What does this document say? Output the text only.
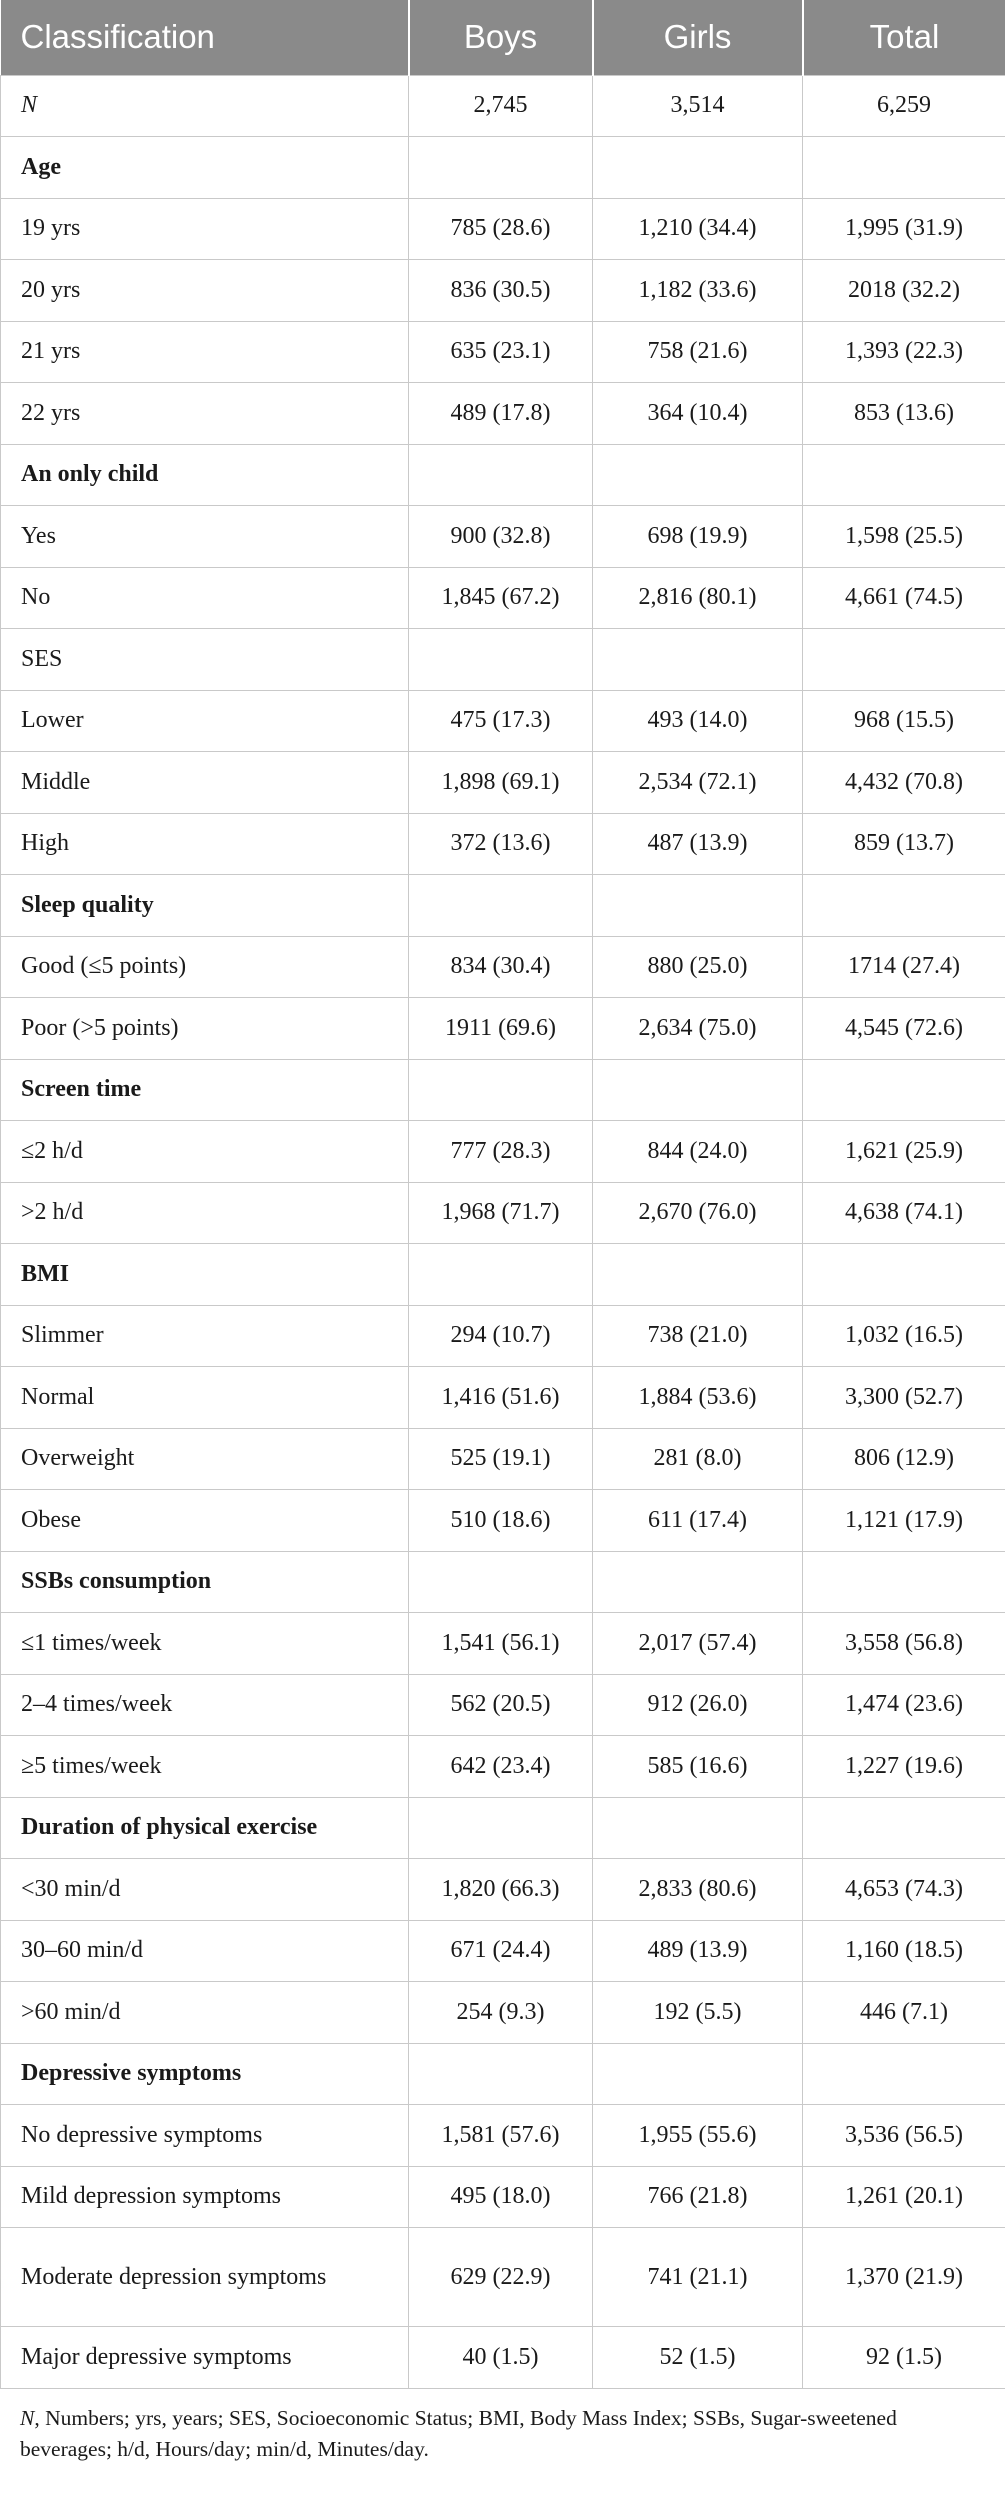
Classification	Boys	Girls	Total
N	2,745	3,514	6,259
Age			
19 yrs	785 (28.6)	1,210 (34.4)	1,995 (31.9)
20 yrs	836 (30.5)	1,182 (33.6)	2018 (32.2)
21 yrs	635 (23.1)	758 (21.6)	1,393 (22.3)
22 yrs	489 (17.8)	364 (10.4)	853 (13.6)
An only child			
Yes	900 (32.8)	698 (19.9)	1,598 (25.5)
No	1,845 (67.2)	2,816 (80.1)	4,661 (74.5)
SES			
Lower	475 (17.3)	493 (14.0)	968 (15.5)
Middle	1,898 (69.1)	2,534 (72.1)	4,432 (70.8)
High	372 (13.6)	487 (13.9)	859 (13.7)
Sleep quality			
Good (≤5 points)	834 (30.4)	880 (25.0)	1714 (27.4)
Poor (>5 points)	1911 (69.6)	2,634 (75.0)	4,545 (72.6)
Screen time			
≤2 h/d	777 (28.3)	844 (24.0)	1,621 (25.9)
>2 h/d	1,968 (71.7)	2,670 (76.0)	4,638 (74.1)
BMI			
Slimmer	294 (10.7)	738 (21.0)	1,032 (16.5)
Normal	1,416 (51.6)	1,884 (53.6)	3,300 (52.7)
Overweight	525 (19.1)	281 (8.0)	806 (12.9)
Obese	510 (18.6)	611 (17.4)	1,121 (17.9)
SSBs consumption			
≤1 times/week	1,541 (56.1)	2,017 (57.4)	3,558 (56.8)
2–4 times/week	562 (20.5)	912 (26.0)	1,474 (23.6)
≥5 times/week	642 (23.4)	585 (16.6)	1,227 (19.6)
Duration of physical exercise			
<30 min/d	1,820 (66.3)	2,833 (80.6)	4,653 (74.3)
30–60 min/d	671 (24.4)	489 (13.9)	1,160 (18.5)
>60 min/d	254 (9.3)	192 (5.5)	446 (7.1)
Depressive symptoms			
No depressive symptoms	1,581 (57.6)	1,955 (55.6)	3,536 (56.5)
Mild depression symptoms	495 (18.0)	766 (21.8)	1,261 (20.1)
Moderate depression symptoms	629 (22.9)	741 (21.1)	1,370 (21.9)
Major depressive symptoms	40 (1.5)	52 (1.5)	92 (1.5)
N, Numbers; yrs, years; SES, Socioeconomic Status; BMI, Body Mass Index; SSBs, Sugar-sweetened beverages; h/d, Hours/day; min/d, Minutes/day.
